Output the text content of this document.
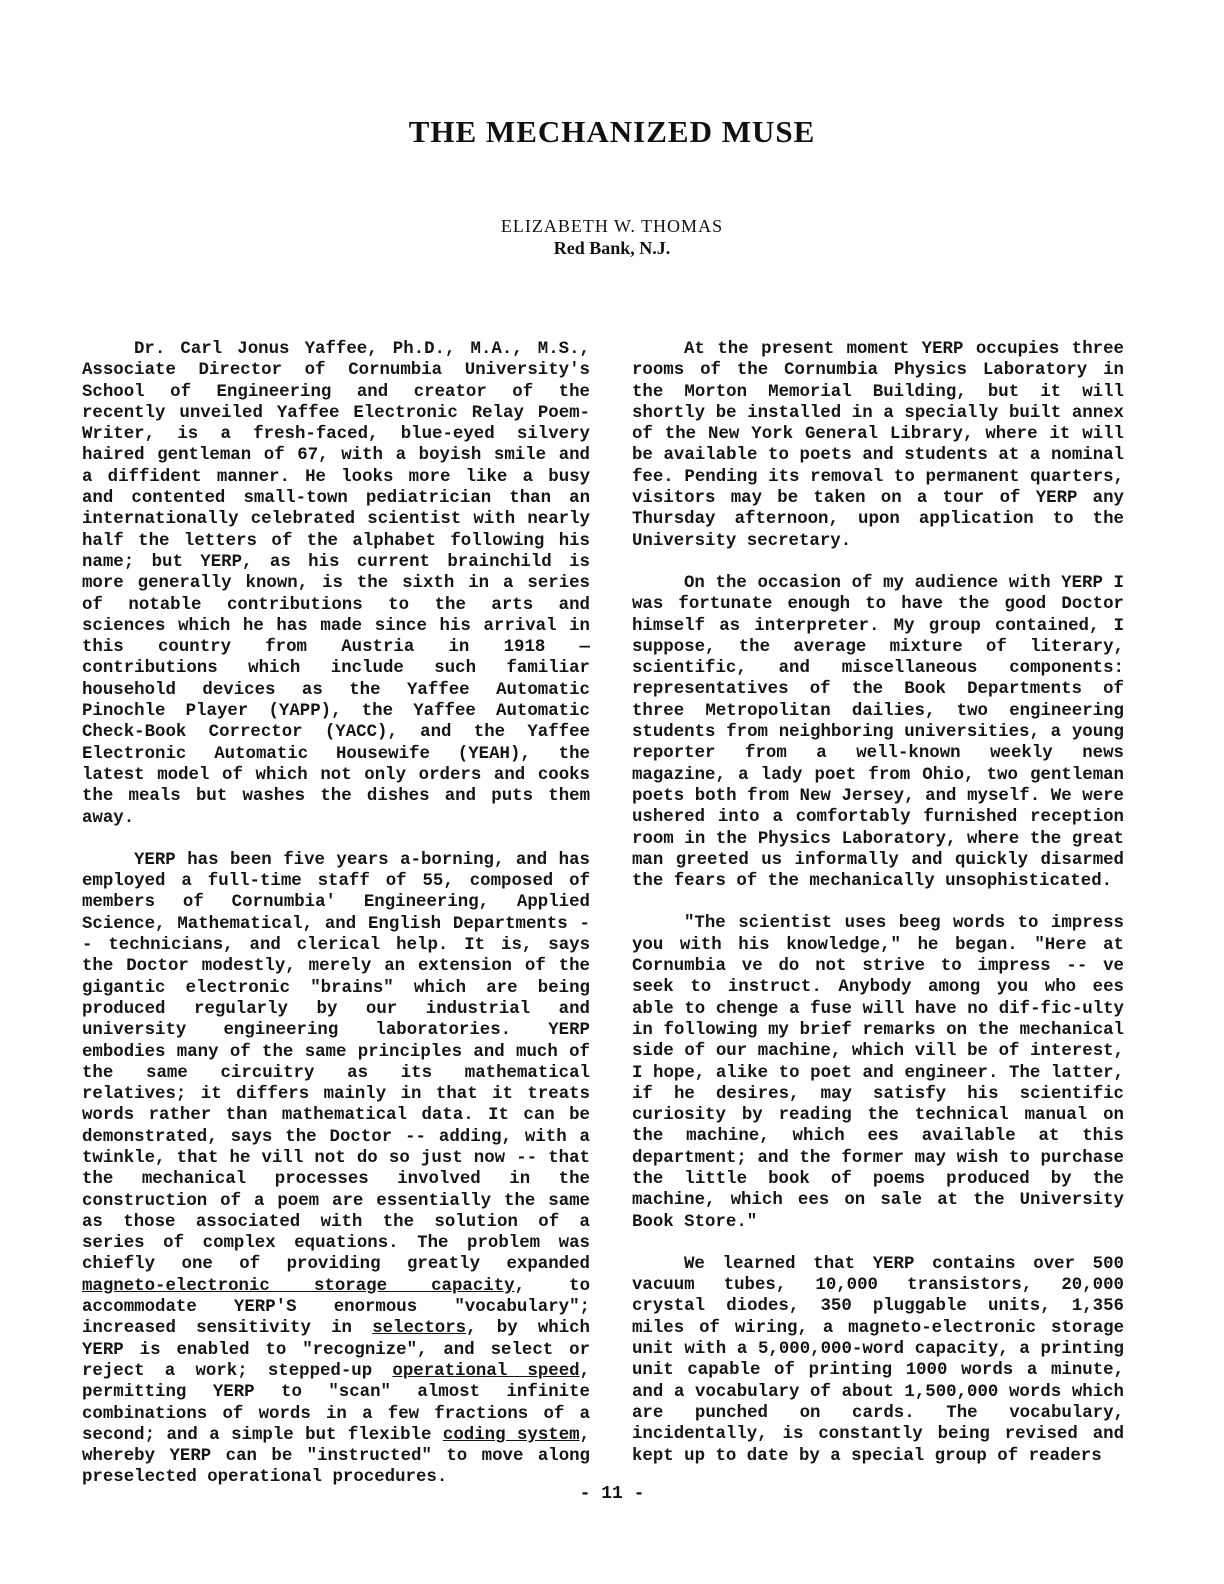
THE MECHANIZED MUSE
ELIZABETH W. THOMAS
Red Bank, N.J.

Dr. Carl Jonus Yaffee, Ph.D., M.A., M.S., Associate Director of Cornumbia University's School of Engineering and creator of the recently unveiled Yaffee Electronic Relay Poem-Writer, is a fresh-faced, blue-eyed silvery haired gentleman of 67, with a boyish smile and a diffident manner. He looks more like a busy and contented small-town pediatrician than an internationally celebrated scientist with nearly half the letters of the alphabet following his name; but YERP, as his current brainchild is more generally known, is the sixth in a series of notable contributions to the arts and sciences which he has made since his arrival in this country from Austria in 1918 — contributions which include such familiar household devices as the Yaffee Automatic Pinochle Player (YAPP), the Yaffee Automatic Check-Book Corrector (YACC), and the Yaffee Electronic Automatic Housewife (YEAH), the latest model of which not only orders and cooks the meals but washes the dishes and puts them away.

YERP has been five years a-borning, and has employed a full-time staff of 55, composed of members of Cornumbia' Engineering, Applied Science, Mathematical, and English Departments -- technicians, and clerical help. It is, says the Doctor modestly, merely an extension of the gigantic electronic "brains" which are being produced regularly by our industrial and university engineering laboratories. YERP embodies many of the same principles and much of the same circuitry as its mathematical relatives; it differs mainly in that it treats words rather than mathematical data. It can be demonstrated, says the Doctor -- adding, with a twinkle, that he vill not do so just now -- that the mechanical processes involved in the construction of a poem are essentially the same as those associated with the solution of a series of complex equations. The problem was chiefly one of providing greatly expanded magneto-electronic storage capacity, to accommodate YERP'S enormous "vocabulary"; increased sensitivity in selectors, by which YERP is enabled to "recognize", and select or reject a work; stepped-up operational speed, permitting YERP to "scan" almost infinite combinations of words in a few fractions of a second; and a simple but flexible coding system, whereby YERP can be "instructed" to move along preselected operational procedures.

At the present moment YERP occupies three rooms of the Cornumbia Physics Laboratory in the Morton Memorial Building, but it will shortly be installed in a specially built annex of the New York General Library, where it will be available to poets and students at a nominal fee. Pending its removal to permanent quarters, visitors may be taken on a tour of YERP any Thursday afternoon, upon application to the University secretary.

On the occasion of my audience with YERP I was fortunate enough to have the good Doctor himself as interpreter. My group contained, I suppose, the average mixture of literary, scientific, and miscellaneous components: representatives of the Book Departments of three Metropolitan dailies, two engineering students from neighboring universities, a young reporter from a well-known weekly news magazine, a lady poet from Ohio, two gentleman poets both from New Jersey, and myself. We were ushered into a comfortably furnished reception room in the Physics Laboratory, where the great man greeted us informally and quickly disarmed the fears of the mechanically unsophisticated.

"The scientist uses beeg words to impress you with his knowledge," he began. "Here at Cornumbia ve do not strive to impress -- ve seek to instruct. Anybody among you who ees able to chenge a fuse will have no dif-fic-ulty in following my brief remarks on the mechanical side of our machine, which vill be of interest, I hope, alike to poet and engineer. The latter, if he desires, may satisfy his scientific curiosity by reading the technical manual on the machine, which ees available at this department; and the former may wish to purchase the little book of poems produced by the machine, which ees on sale at the University Book Store."

We learned that YERP contains over 500 vacuum tubes, 10,000 transistors, 20,000 crystal diodes, 350 pluggable units, 1,356 miles of wiring, a magneto-electronic storage unit with a 5,000,000-word capacity, a printing unit capable of printing 1000 words a minute, and a vocabulary of about 1,500,000 words which are punched on cards. The vocabulary, incidentally, is constantly being revised and kept up to date by a special group of readers

- 11 -
